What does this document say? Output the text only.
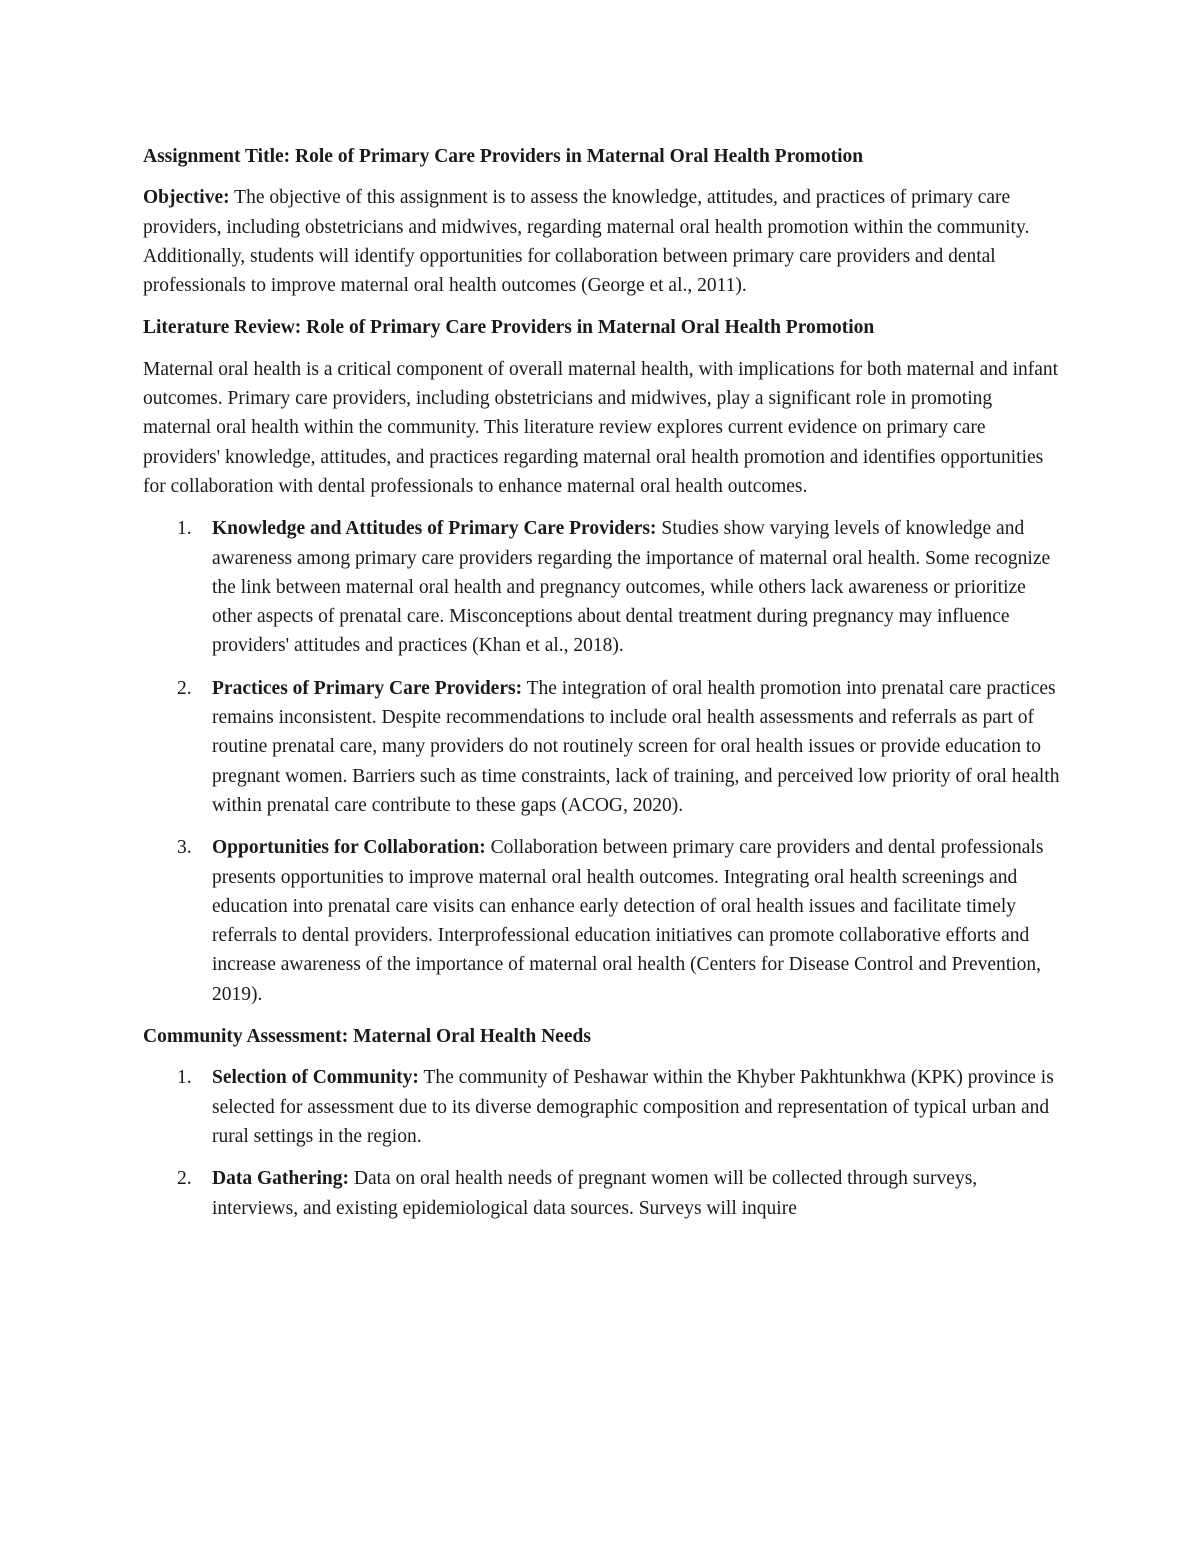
Assignment Title: Role of Primary Care Providers in Maternal Oral Health Promotion

Objective: The objective of this assignment is to assess the knowledge, attitudes, and practices of primary care providers, including obstetricians and midwives, regarding maternal oral health promotion within the community. Additionally, students will identify opportunities for collaboration between primary care providers and dental professionals to improve maternal oral health outcomes (George et al., 2011).

Literature Review: Role of Primary Care Providers in Maternal Oral Health Promotion

Maternal oral health is a critical component of overall maternal health, with implications for both maternal and infant outcomes. Primary care providers, including obstetricians and midwives, play a significant role in promoting maternal oral health within the community. This literature review explores current evidence on primary care providers' knowledge, attitudes, and practices regarding maternal oral health promotion and identifies opportunities for collaboration with dental professionals to enhance maternal oral health outcomes.

1. Knowledge and Attitudes of Primary Care Providers: Studies show varying levels of knowledge and awareness among primary care providers regarding the importance of maternal oral health. Some recognize the link between maternal oral health and pregnancy outcomes, while others lack awareness or prioritize other aspects of prenatal care. Misconceptions about dental treatment during pregnancy may influence providers' attitudes and practices (Khan et al., 2018).
2. Practices of Primary Care Providers: The integration of oral health promotion into prenatal care practices remains inconsistent. Despite recommendations to include oral health assessments and referrals as part of routine prenatal care, many providers do not routinely screen for oral health issues or provide education to pregnant women. Barriers such as time constraints, lack of training, and perceived low priority of oral health within prenatal care contribute to these gaps (ACOG, 2020).
3. Opportunities for Collaboration: Collaboration between primary care providers and dental professionals presents opportunities to improve maternal oral health outcomes. Integrating oral health screenings and education into prenatal care visits can enhance early detection of oral health issues and facilitate timely referrals to dental providers. Interprofessional education initiatives can promote collaborative efforts and increase awareness of the importance of maternal oral health (Centers for Disease Control and Prevention, 2019).

Community Assessment: Maternal Oral Health Needs

1. Selection of Community: The community of Peshawar within the Khyber Pakhtunkhwa (KPK) province is selected for assessment due to its diverse demographic composition and representation of typical urban and rural settings in the region.
2. Data Gathering: Data on oral health needs of pregnant women will be collected through surveys, interviews, and existing epidemiological data sources. Surveys will inquire
